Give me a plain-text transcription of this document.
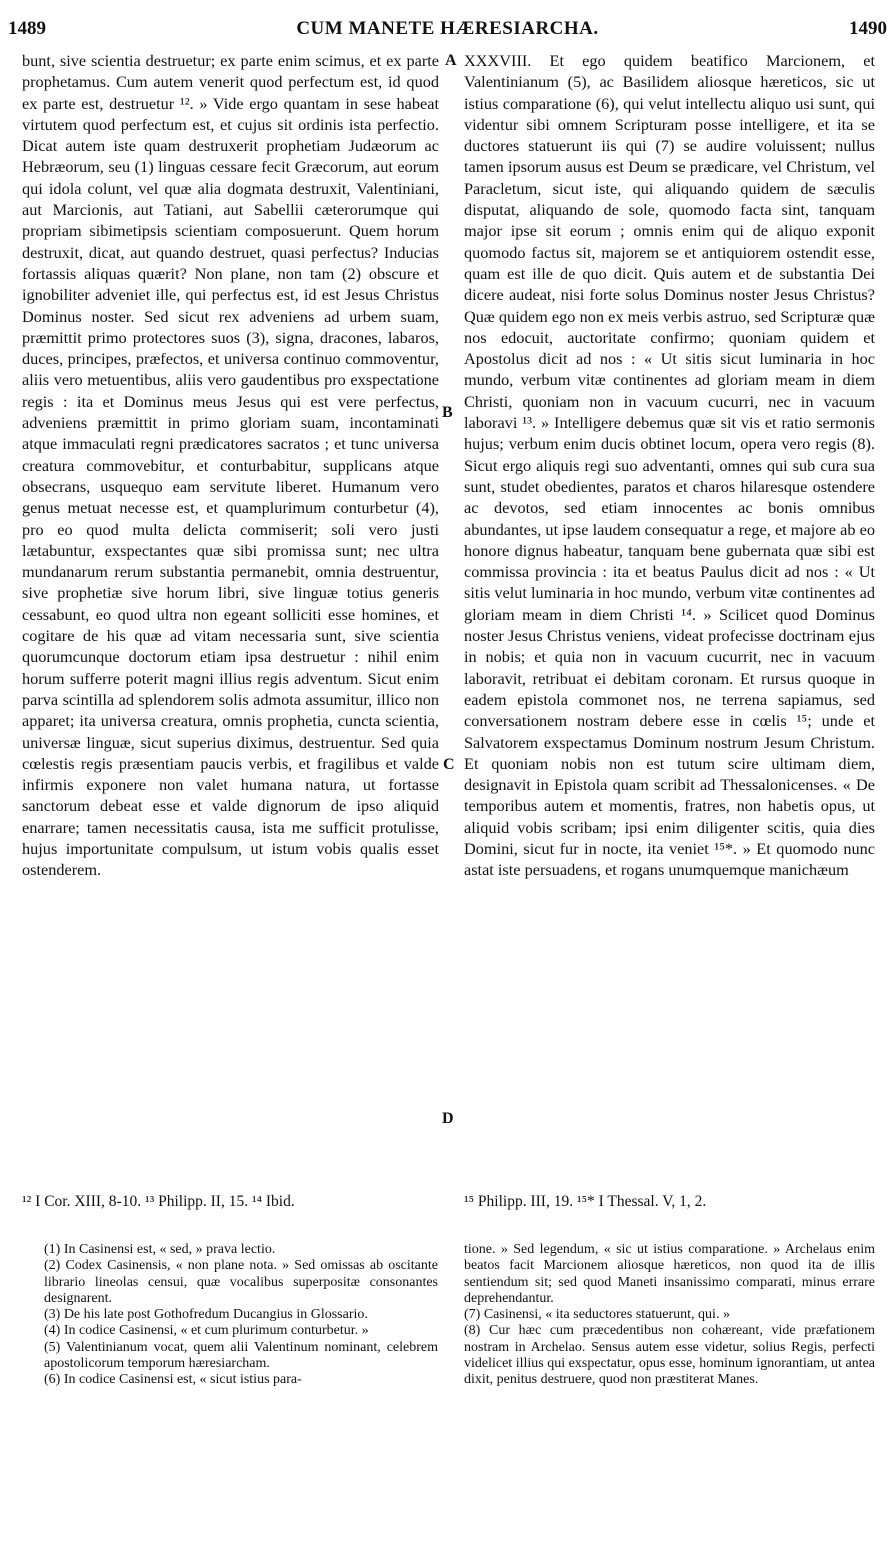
1489	CUM MANETE HÆRESIARCHA.	1490

bunt, sive scientia destruetur; ex parte enim scimus, et ex parte prophetamus. Cum autem venerit quod perfectum est, id quod ex parte est, destruetur ¹². » Vide ergo quantam in sese habeat virtutem quod perfectum est, et cujus sit ordinis ista perfectio. Dicat autem iste quam destruxerit prophetiam Judæorum ac Hebræorum, seu (1) linguas cessare fecit Græcorum, aut eorum qui idola colunt, vel quæ alia dogmata destruxit, Valentiniani, aut Marcionis, aut Tatiani, aut Sabellii cæterorumque qui propriam sibimetipsis scientiam composuerunt. Quem horum destruxit, dicat, aut quando destruet, quasi perfectus? Inducias fortassis aliquas quærit? Non plane, non tam (2) obscure et ignobiliter adveniet ille, qui perfectus est, id est Jesus Christus Dominus noster. Sed sicut rex adveniens ad urbem suam, præmittit primo protectores suos (3), signa, dracones, labaros, duces, principes, præfectos, et universa continuo commoventur, aliis vero metuentibus, aliis vero gaudentibus pro exspectatione regis : ita et Dominus meus Jesus qui est vere perfectus, adveniens præmittit in primo gloriam suam, incontaminati atque immaculati regni prædicatores sacratos ; et tunc universa creatura commovebitur, et conturbabitur, supplicans atque obsecrans, usquequo eam servitute liberet. Humanum vero genus metuat necesse est, et quamplurimum conturbetur (4), pro eo quod multa delicta commiserit; soli vero justi lætabuntur, exspectantes quæ sibi promissa sunt; nec ultra mundanarum rerum substantia permanebit, omnia destruentur, sive prophetiæ sive horum libri, sive linguæ totius generis cessabunt, eo quod ultra non egeant solliciti esse homines, et cogitare de his quæ ad vitam necessaria sunt, sive scientia quorumcunque doctorum etiam ipsa destruetur : nihil enim horum sufferre poterit magni illius regis adventum. Sicut enim parva scintilla ad splendorem solis admota assumitur, illico non apparet; ita universa creatura, omnis prophetia, cuncta scientia, universæ linguæ, sicut superius diximus, destruentur. Sed quia cœlestis regis præsentiam paucis verbis, et fragilibus et valde infirmis exponere non valet humana natura, ut fortasse sanctorum debeat esse et valde dignorum de ipso aliquid enarrare; tamen necessitatis causa, ista me sufficit protulisse, hujus importunitate compulsum, ut istum vobis qualis esset ostenderem.

A
B
C
D

XXXVIII. Et ego quidem beatifico Marcionem, et Valentinianum (5), ac Basilidem aliosque hæreticos, sic ut istius comparatione (6), qui velut intellectu aliquo usi sunt, qui videntur sibi omnem Scripturam posse intelligere, et ita se ductores statuerunt iis qui (7) se audire voluissent; nullus tamen ipsorum ausus est Deum se prædicare, vel Christum, vel Paracletum, sicut iste, qui aliquando quidem de sæculis disputat, aliquando de sole, quomodo facta sint, tanquam major ipse sit eorum ; omnis enim qui de aliquo exponit quomodo factus sit, majorem se et antiquiorem ostendit esse, quam est ille de quo dicit. Quis autem et de substantia Dei dicere audeat, nisi forte solus Dominus noster Jesus Christus? Quæ quidem ego non ex meis verbis astruo, sed Scripturæ quæ nos edocuit, auctoritate confirmo; quoniam quidem et Apostolus dicit ad nos : « Ut sitis sicut luminaria in hoc mundo, verbum vitæ continentes ad gloriam meam in diem Christi, quoniam non in vacuum cucurri, nec in vacuum laboravi ¹³. » Intelligere debemus quæ sit vis et ratio sermonis hujus; verbum enim ducis obtinet locum, opera vero regis (8). Sicut ergo aliquis regi suo adventanti, omnes qui sub cura sua sunt, studet obedientes, paratos et charos hilaresque ostendere ac devotos, sed etiam innocentes ac bonis omnibus abundantes, ut ipse laudem consequatur a rege, et majore ab eo honore dignus habeatur, tanquam bene gubernata quæ sibi est commissa provincia : ita et beatus Paulus dicit ad nos : « Ut sitis velut luminaria in hoc mundo, verbum vitæ continentes ad gloriam meam in diem Christi ¹⁴. » Scilicet quod Dominus noster Jesus Christus veniens, videat profecisse doctrinam ejus in nobis; et quia non in vacuum cucurrit, nec in vacuum laboravit, retribuat ei debitam coronam. Et rursus quoque in eadem epistola commonet nos, ne terrena sapiamus, sed conversationem nostram debere esse in cœlis ¹⁵; unde et Salvatorem exspectamus Dominum nostrum Jesum Christum. Et quoniam nobis non est tutum scire ultimam diem, designavit in Epistola quam scribit ad Thessalonicenses. « De temporibus autem et momentis, fratres, non habetis opus, ut aliquid vobis scribam; ipsi enim diligenter scitis, quia dies Domini, sicut fur in nocte, ita veniet ¹⁵*. » Et quomodo nunc astat iste persuadens, et rogans unumquemque manichæum

¹² I Cor. XIII, 8-10. ¹³ Philipp. II, 15. ¹⁴ Ibid.	¹⁵ Philipp. III, 19. ¹⁵* I Thessal. V, 1, 2.

(1) In Casinensi est, « sed, » prava lectio.

(2) Codex Casinensis, « non plane nota. » Sed omissas ab oscitante librario lineolas censui, quæ vocalibus superpositæ consonantes designarent.

(3) De his late post Gothofredum Ducangius in Glossario.

(4) In codice Casinensi, « et cum plurimum conturbetur. »

(5) Valentinianum vocat, quem alii Valentinum nominant, celebrem apostolicorum temporum hæresiarcham.

(6) In codice Casinensi est, « sicut istius para-

tione. » Sed legendum, « sic ut istius comparatione. » Archelaus enim beatos facit Marcionem aliosque hæreticos, non quod ita de illis sentiendum sit; sed quod Maneti insanissimo comparati, minus errare deprehendantur.

(7) Casinensi, « ita seductores statuerunt, qui. »

(8) Cur hæc cum præcedentibus non cohæreant, vide præfationem nostram in Archelao. Sensus autem esse videtur, solius Regis, perfecti videlicet illius qui exspectatur, opus esse, hominum ignorantiam, ut antea dixit, penitus destruere, quod non præstiterat Manes.
